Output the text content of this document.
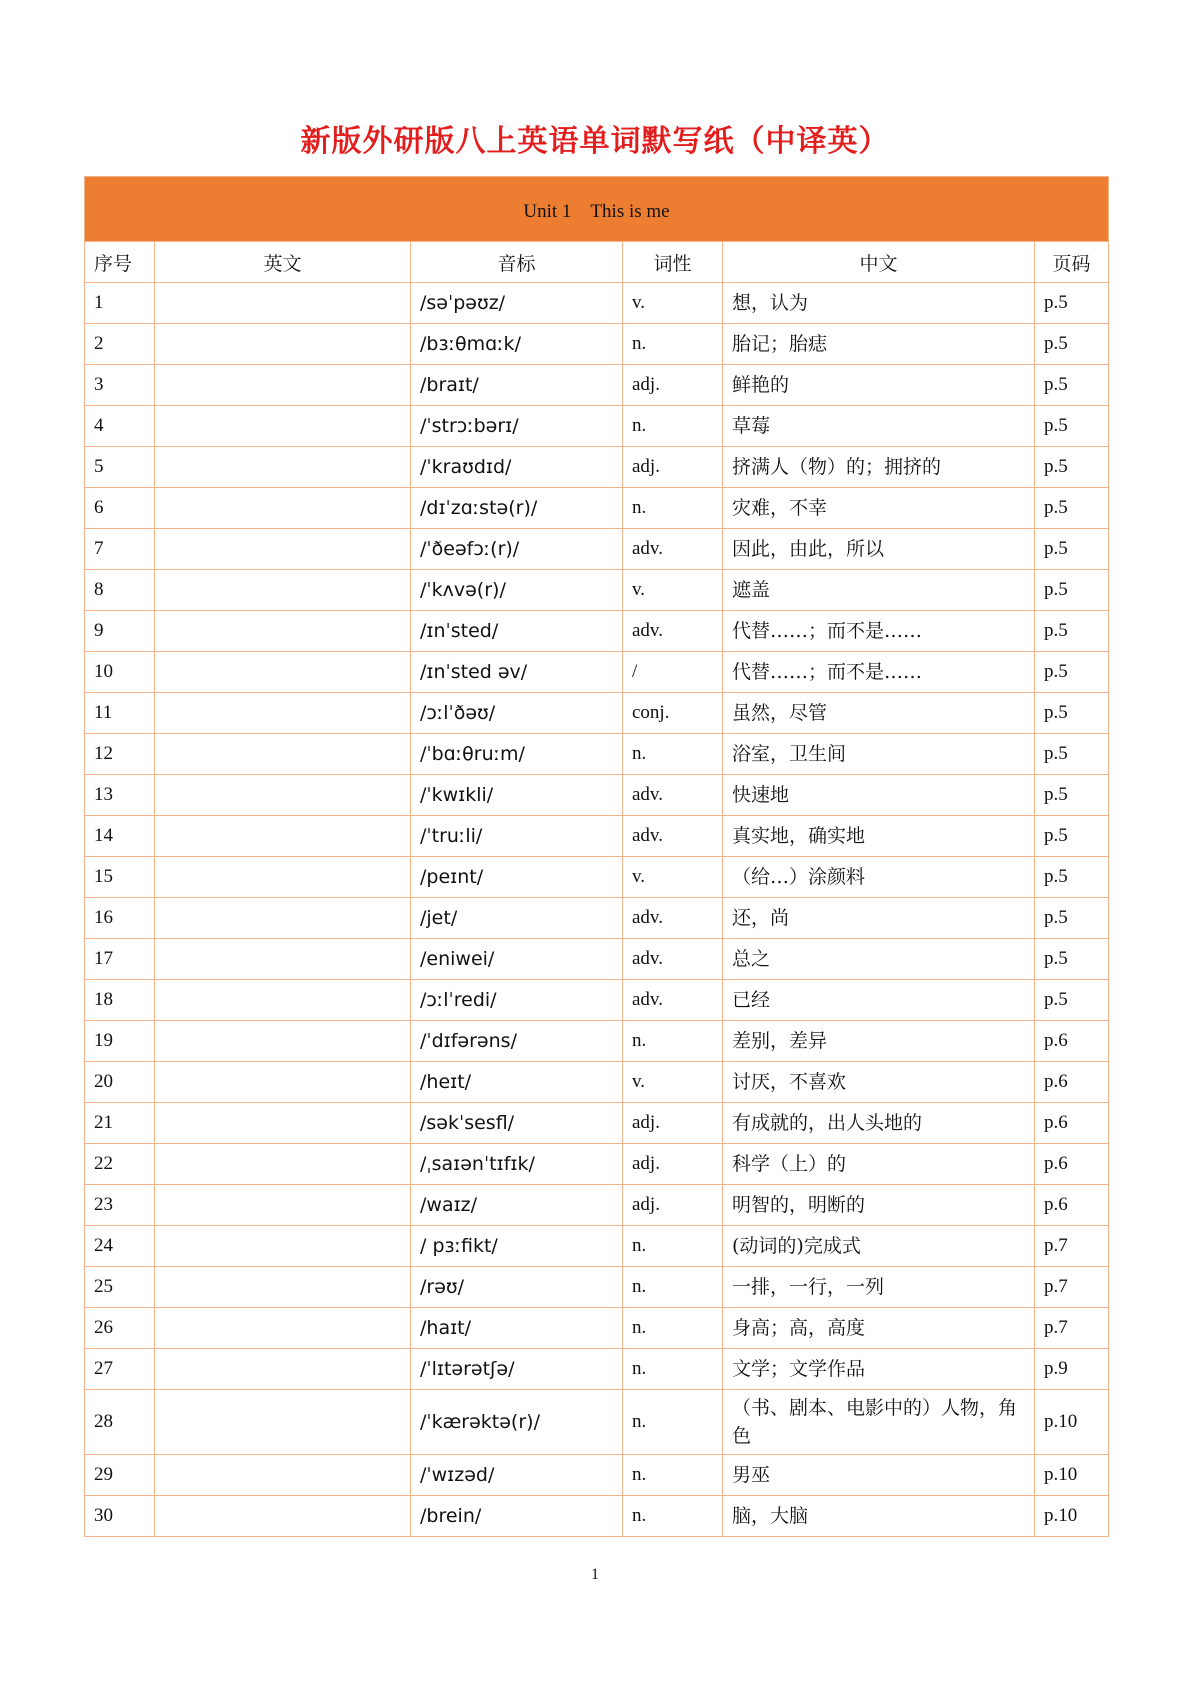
新版外研版八上英语单词默写纸（中译英）
Unit 1　This is me					
序号	英文	音标	词性	中文	页码
1		/səˈpəʊz/	v.	想，认为	p.5
2		/bɜːθmɑːk/	n.	胎记；胎痣	p.5
3		/braɪt/	adj.	鲜艳的	p.5
4		/ˈstrɔːbərɪ/	n.	草莓	p.5
5		/ˈkraʊdɪd/	adj.	挤满人（物）的；拥挤的	p.5
6		/dɪˈzɑːstə(r)/	n.	灾难，不幸	p.5
7		/ˈðeəfɔː(r)/	adv.	因此，由此，所以	p.5
8		/ˈkʌvə(r)/	v.	遮盖	p.5
9		/ɪnˈsted/	adv.	代替……；而不是……	p.5
10		/ɪnˈsted əv/	/	代替……；而不是……	p.5
11		/ɔːlˈðəʊ/	conj.	虽然，尽管	p.5
12		/ˈbɑːθruːm/	n.	浴室，卫生间	p.5
13		/ˈkwɪkli/	adv.	快速地	p.5
14		/ˈtruːli/	adv.	真实地，确实地	p.5
15		/peɪnt/	v.	（给…）涂颜料	p.5
16		/jet/	adv.	还，尚	p.5
17		/eniwei/	adv.	总之	p.5
18		/ɔːlˈredi/	adv.	已经	p.5
19		/ˈdɪfərəns/	n.	差别，差异	p.6
20		/heɪt/	v.	讨厌，不喜欢	p.6
21		/səkˈsesfl/	adj.	有成就的，出人头地的	p.6
22		/ˌsaɪənˈtɪfɪk/	adj.	科学（上）的	p.6
23		/waɪz/	adj.	明智的，明断的	p.6
24		/ pɜːfikt/	n.	(动词的)完成式	p.7
25		/rəʊ/	n.	一排，一行，一列	p.7
26		/haɪt/	n.	身高；高，高度	p.7
27		/ˈlɪtərətʃə/	n.	文学；文学作品	p.9
28		/ˈkærəktə(r)/	n.	（书、剧本、电影中的）人物，角色	p.10
29		/ˈwɪzəd/	n.	男巫	p.10
30		/brein/	n.	脑，大脑	p.10
1
